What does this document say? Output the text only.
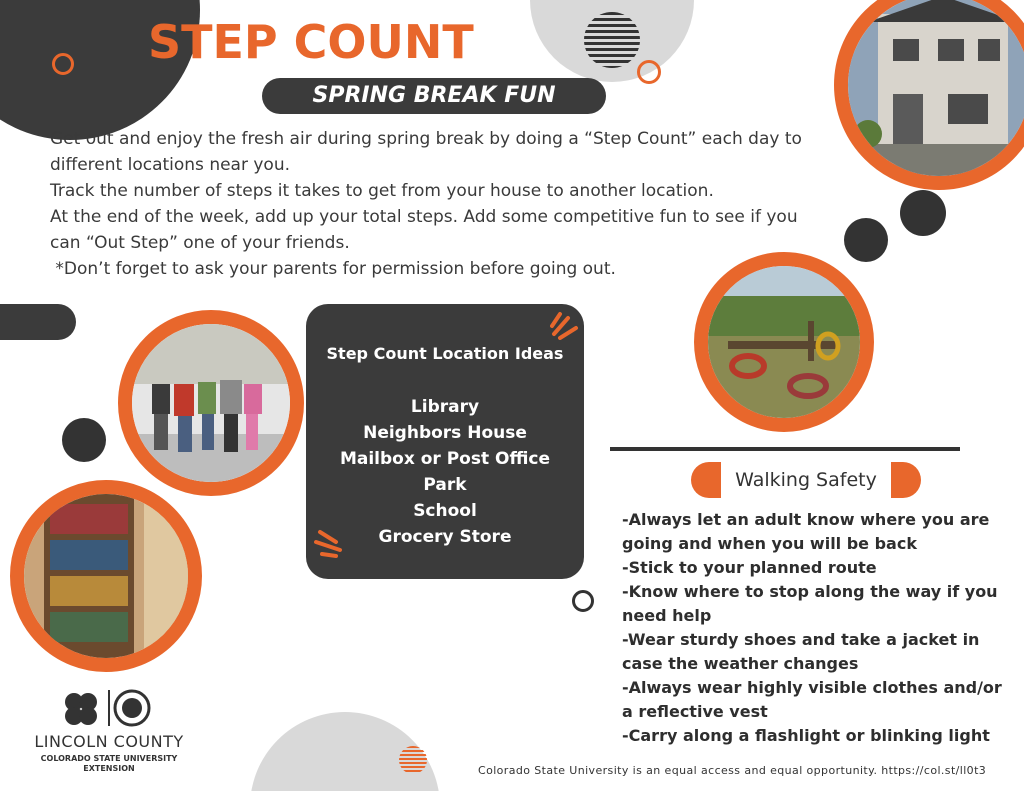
STEP COUNT
SPRING BREAK FUN

Get out and enjoy the fresh air during spring break by doing a “Step Count” each day to different locations near you.

Track the number of steps it takes to get from your house to another location.

At the end of the week, add up your total steps. Add some competitive fun to see if you can “Out Step” one of your friends.

*Don’t forget to ask your parents for permission before going out.

Step Count Location Ideas
Library
Neighbors House
Mailbox or Post Office
Park
School
Grocery Store
Walking Safety
-Always let an adult know where you are going and when you will be back
-Stick to your planned route
-Know where to stop along the way if you need help
-Wear sturdy shoes and take a jacket in case the weather changes
-Always wear highly visible clothes and/or a reflective vest
-Carry along a flashlight or blinking light
LINCOLN COUNTY
COLORADO STATE UNIVERSITY
EXTENSION	Colorado State University is an equal access and equal opportunity. https://col.st/ll0t3
